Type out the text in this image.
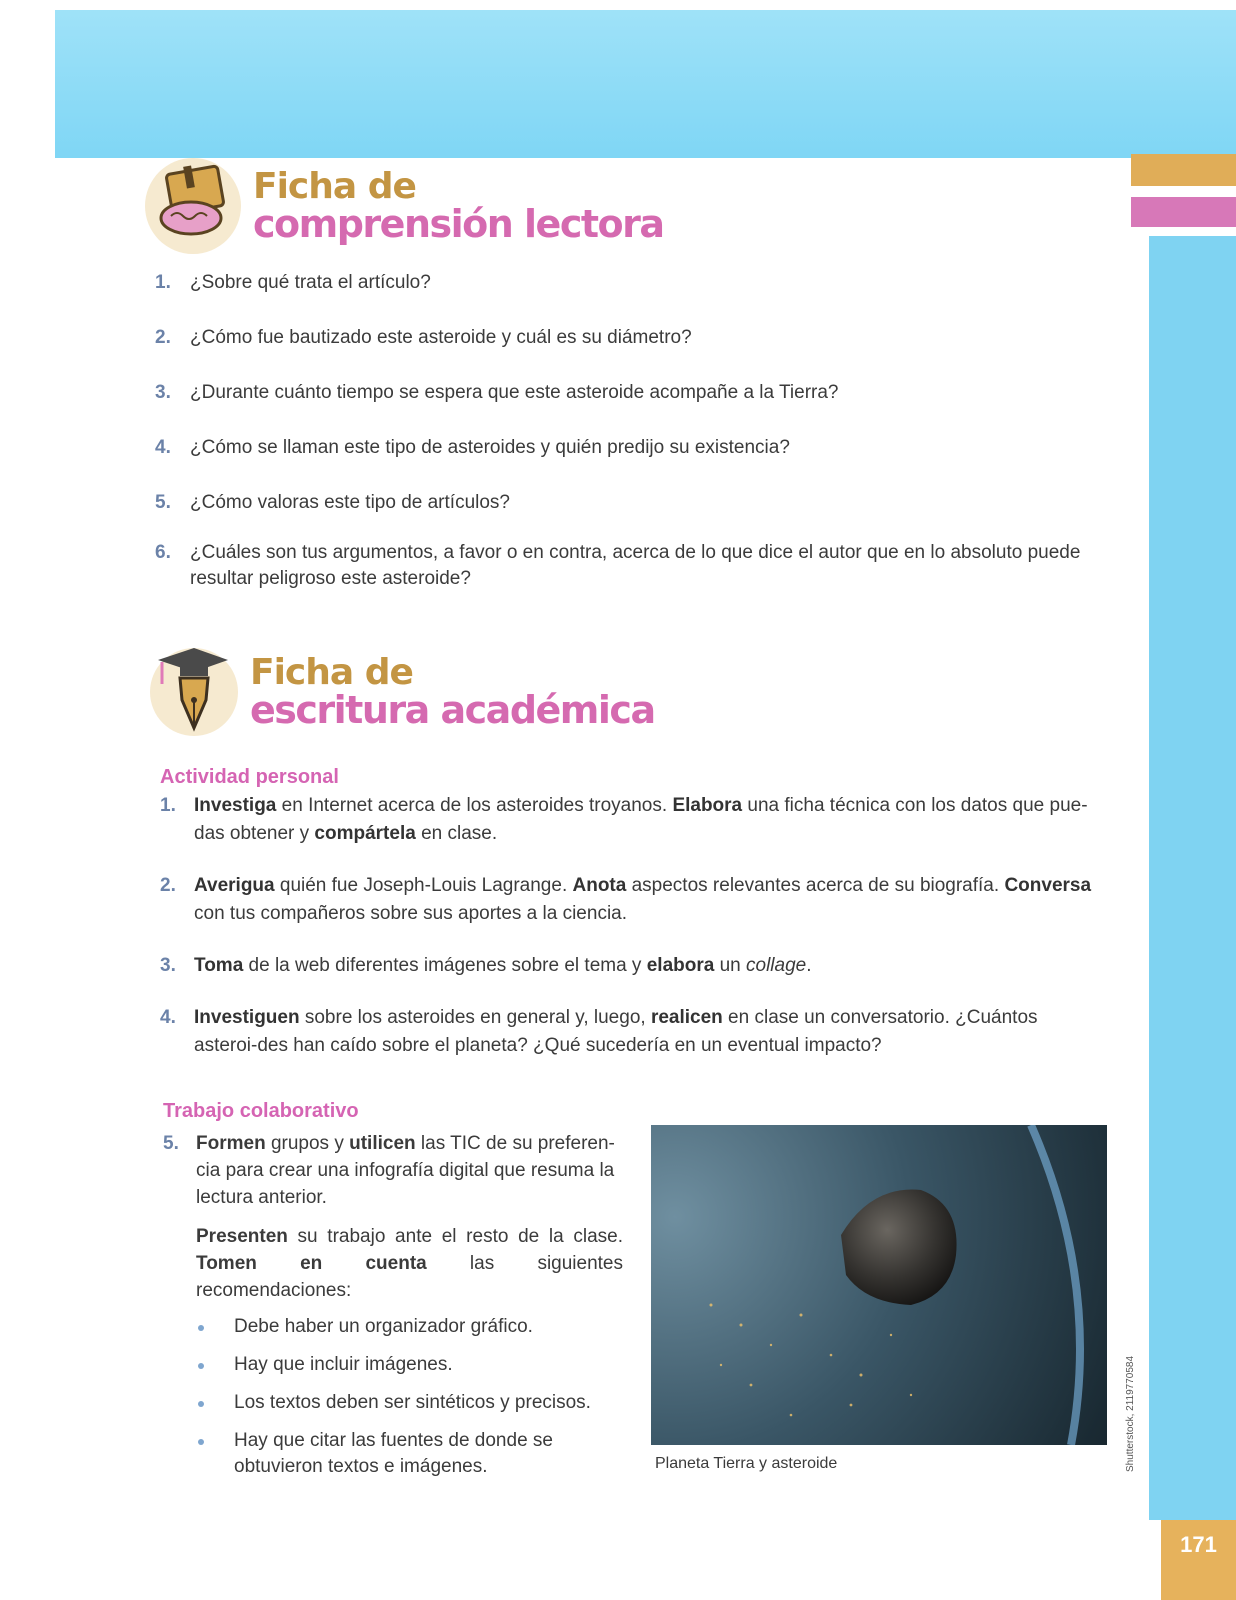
Ficha de
comprensión lectora
1. ¿Sobre qué trata el artículo?
2. ¿Cómo fue bautizado este asteroide y cuál es su diámetro?
3. ¿Durante cuánto tiempo se espera que este asteroide acompañe a la Tierra?
4. ¿Cómo se llaman este tipo de asteroides y quién predijo su existencia?
5. ¿Cómo valoras este tipo de artículos?
6. ¿Cuáles son tus argumentos, a favor o en contra, acerca de lo que dice el autor que en lo absoluto puede resultar peligroso este asteroide?
Ficha de
escritura académica
Actividad personal
1. Investiga en Internet acerca de los asteroides troyanos. Elabora una ficha técnica con los datos que pue-das obtener y compártela en clase.
2. Averigua quién fue Joseph-Louis Lagrange. Anota aspectos relevantes acerca de su biografía. Conversa con tus compañeros sobre sus aportes a la ciencia.
3. Toma de la web diferentes imágenes sobre el tema y elabora un collage.
4. Investiguen sobre los asteroides en general y, luego, realicen en clase un conversatorio. ¿Cuántos asteroi-des han caído sobre el planeta? ¿Qué sucedería en un eventual impacto?
Trabajo colaborativo
5. Formen grupos y utilicen las TIC de su preferen-cia para crear una infografía digital que resuma la lectura anterior.

Presenten su trabajo ante el resto de la clase. Tomen en cuenta las siguientes recomendaciones:

Debe haber un organizador gráfico.
Hay que incluir imágenes.
Los textos deben ser sintéticos y precisos.
Hay que citar las fuentes de donde se obtuvieron textos e imágenes.	Planeta Tierra y asteroide	Shutterstock, 2119770584
171
